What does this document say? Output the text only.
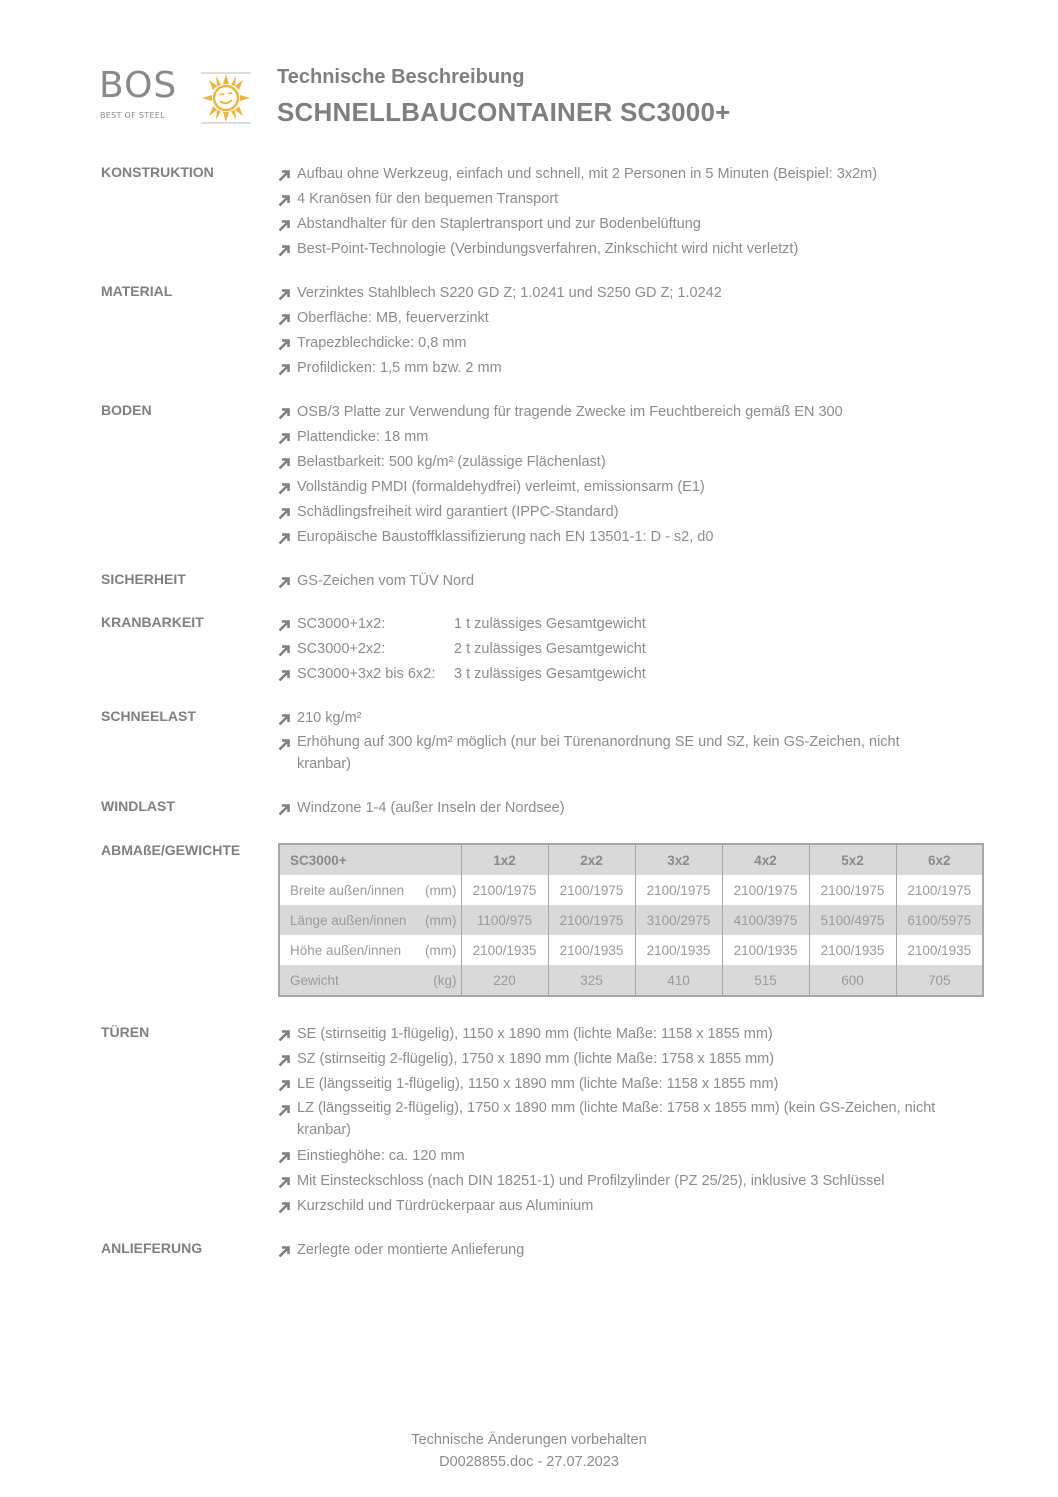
BOS
BEST OF STEEL
Technische Beschreibung
SCHNELLBAUCONTAINER SC3000+
KONSTRUKTION	Aufbau ohne Werkzeug, einfach und schnell, mit 2 Personen in 5 Minuten (Beispiel: 3x2m)
4 Kranösen für den bequemen Transport
Abstandhalter für den Staplertransport und zur Bodenbelüftung
Best-Point-Technologie (Verbindungsverfahren, Zinkschicht wird nicht verletzt)
MATERIAL	Verzinktes Stahlblech S220 GD Z; 1.0241 und S250 GD Z; 1.0242
Oberfläche: MB, feuerverzinkt
Trapezblechdicke: 0,8 mm
Profildicken: 1,5 mm bzw. 2 mm
BODEN	OSB/3 Platte zur Verwendung für tragende Zwecke im Feuchtbereich gemäß EN 300
Plattendicke: 18 mm
Belastbarkeit: 500 kg/m² (zulässige Flächenlast)
Vollständig PMDI (formaldehydfrei) verleimt, emissionsarm (E1)
Schädlingsfreiheit wird garantiert (IPPC-Standard)
Europäische Baustoffklassifizierung nach EN 13501-1: D - s2, d0
SICHERHEIT	GS-Zeichen vom TÜV Nord
KRANBARKEIT	SC3000+1x2:	1 t zulässiges Gesamtgewicht
SC3000+2x2:	2 t zulässiges Gesamtgewicht
SC3000+3x2 bis 6x2: 3 t zulässiges Gesamtgewicht
SCHNEELAST	210 kg/m²
Erhöhung auf 300 kg/m² möglich (nur bei Türenanordnung SE und SZ, kein GS-Zeichen, nicht kranbar)
WINDLAST	Windzone 1-4 (außer Inseln der Nordsee)
ABMAßE/GEWICHTE
SC3000+	1x2	2x2	3x2	4x2	5x2	6x2

Breite außen/innen (mm)	2100/1975	2100/1975	2100/1975	2100/1975	2100/1975	2100/1975

Länge außen/innen (mm)	1100/975	2100/1975	3100/2975	4100/3975	5100/4975	6100/5975

Höhe außen/innen (mm)	2100/1935	2100/1935	2100/1935	2100/1935	2100/1935	2100/1935

Gewicht (kg)	220	325	410	515	600	705
TÜREN	SE (stirnseitig 1-flügelig), 1150 x 1890 mm (lichte Maße: 1158 x 1855 mm)
SZ (stirnseitig 2-flügelig), 1750 x 1890 mm (lichte Maße: 1758 x 1855 mm)
LE (längsseitig 1-flügelig), 1150 x 1890 mm (lichte Maße: 1158 x 1855 mm)
LZ (längsseitig 2-flügelig), 1750 x 1890 mm (lichte Maße: 1758 x 1855 mm) (kein GS-Zeichen, nicht kranbar)
Einstieghöhe: ca. 120 mm
Mit Einsteckschloss (nach DIN 18251-1) und Profilzylinder (PZ 25/25), inklusive 3 Schlüssel
Kurzschild und Türdrückerpaar aus Aluminium
ANLIEFERUNG	Zerlegte oder montierte Anlieferung
Technische Änderungen vorbehalten
D0028855.doc - 27.07.2023
